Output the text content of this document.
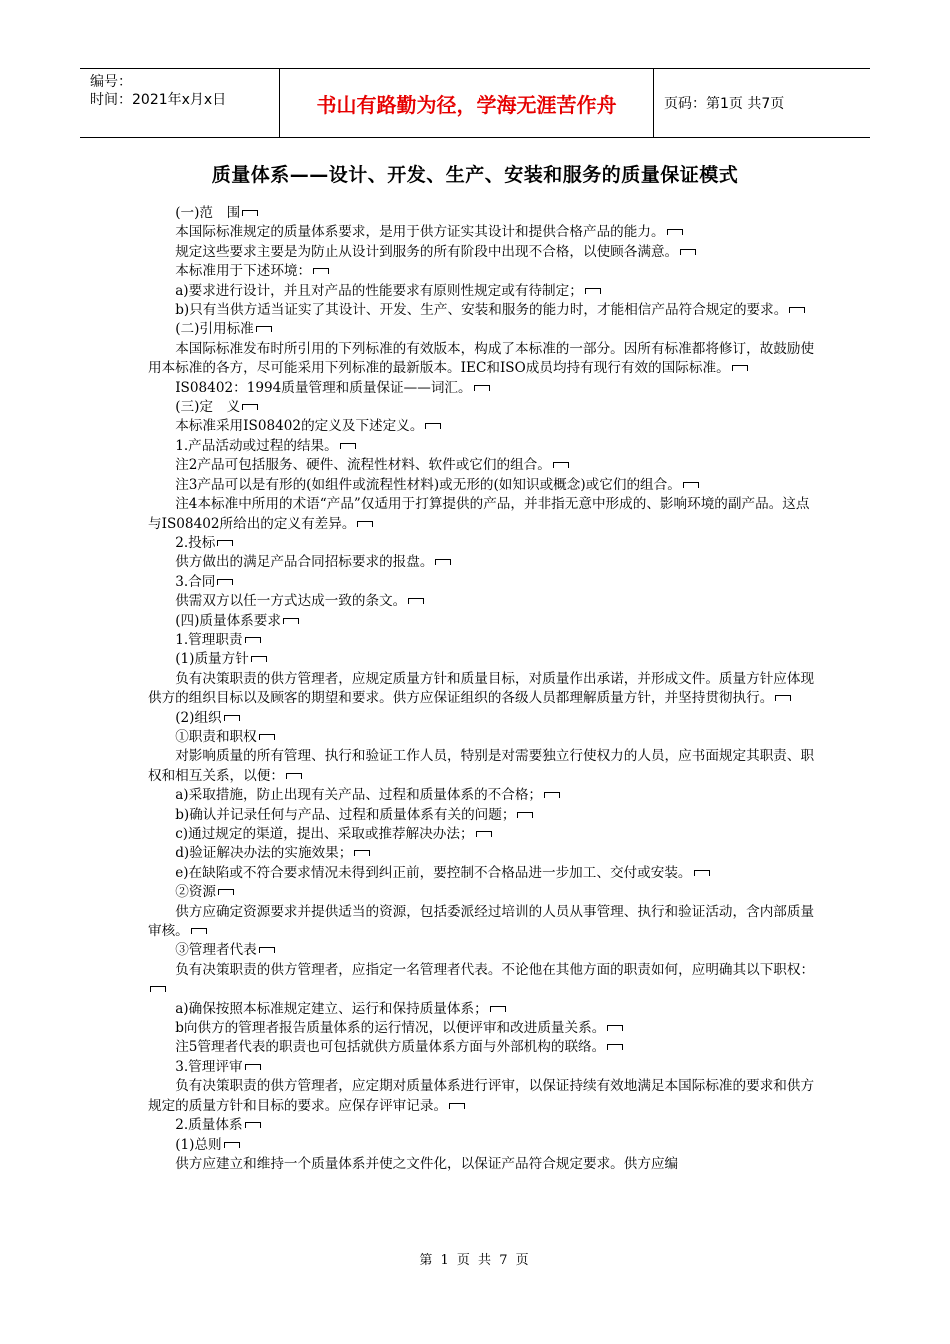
编号：
时间：2021年x月x日	书山有路勤为径，学海无涯苦作舟	页码：第1页 共7页
质量体系——设计、开发、生产、安装和服务的质量保证模式

(一)范　围

本国际标准规定的质量体系要求，是用于供方证实其设计和提供合格产品的能力。

规定这些要求主要是为防止从设计到服务的所有阶段中出现不合格，以使顾各满意。

本标准用于下述环境：

a)要求进行设计，并且对产品的性能要求有原则性规定或有待制定；

b)只有当供方适当证实了其设计、开发、生产、安装和服务的能力时，才能相信产品符合规定的要求。

(二)引用标准

本国际标准发布时所引用的下列标准的有效版本，构成了本标准的一部分。因所有标准都将修订，故鼓励使用本标准的各方，尽可能采用下列标准的最新版本。IEC和ISO成员均持有现行有效的国际标准。

IS08402：1994质量管理和质量保证——词汇。

(三)定　义

本标准采用IS08402的定义及下述定义。

1.产品活动或过程的结果。

注2产品可包括服务、硬件、流程性材料、软件或它们的组合。

注3产品可以是有形的(如组件或流程性材料)或无形的(如知识或概念)或它们的组合。

注4本标准中所用的术语“产品”仅适用于打算提供的产品，并非指无意中形成的、影响环境的副产品。这点与IS08402所给出的定义有差异。

2.投标

供方做出的满足产品合同招标要求的报盘。

3.合同

供需双方以任一方式达成一致的条文。

(四)质量体系要求

1.管理职责

(1)质量方针

负有决策职责的供方管理者，应规定质量方针和质量目标，对质量作出承诺，并形成文件。质量方针应体现供方的组织目标以及顾客的期望和要求。供方应保证组织的各级人员都理解质量方针，并坚持贯彻执行。

(2)组织

①职责和职权

对影响质量的所有管理、执行和验证工作人员，特别是对需要独立行使权力的人员，应书面规定其职责、职权和相互关系，以便：

a)采取措施，防止出现有关产品、过程和质量体系的不合格；

b)确认并记录任何与产品、过程和质量体系有关的问题；

c)通过规定的渠道，提出、采取或推荐解决办法；

d)验证解决办法的实施效果；

e)在缺陷或不符合要求情况未得到纠正前，要控制不合格品进一步加工、交付或安装。

②资源

供方应确定资源要求并提供适当的资源，包括委派经过培训的人员从事管理、执行和验证活动，含内部质量审核。

③管理者代表

负有决策职责的供方管理者，应指定一名管理者代表。不论他在其他方面的职责如何，应明确其以下职权：

a)确保按照本标准规定建立、运行和保持质量体系；

b向供方的管理者报告质量体系的运行情况，以便评审和改进质量关系。

注5管理者代表的职责也可包括就供方质量体系方面与外部机构的联络。

3.管理评审

负有决策职责的供方管理者，应定期对质量体系进行评审，以保证持续有效地满足本国际标准的要求和供方规定的质量方针和目标的要求。应保存评审记录。

2.质量体系

(1)总则

供方应建立和维持一个质量体系并使之文件化，以保证产品符合规定要求。供方应编

第 1 页 共 7 页
